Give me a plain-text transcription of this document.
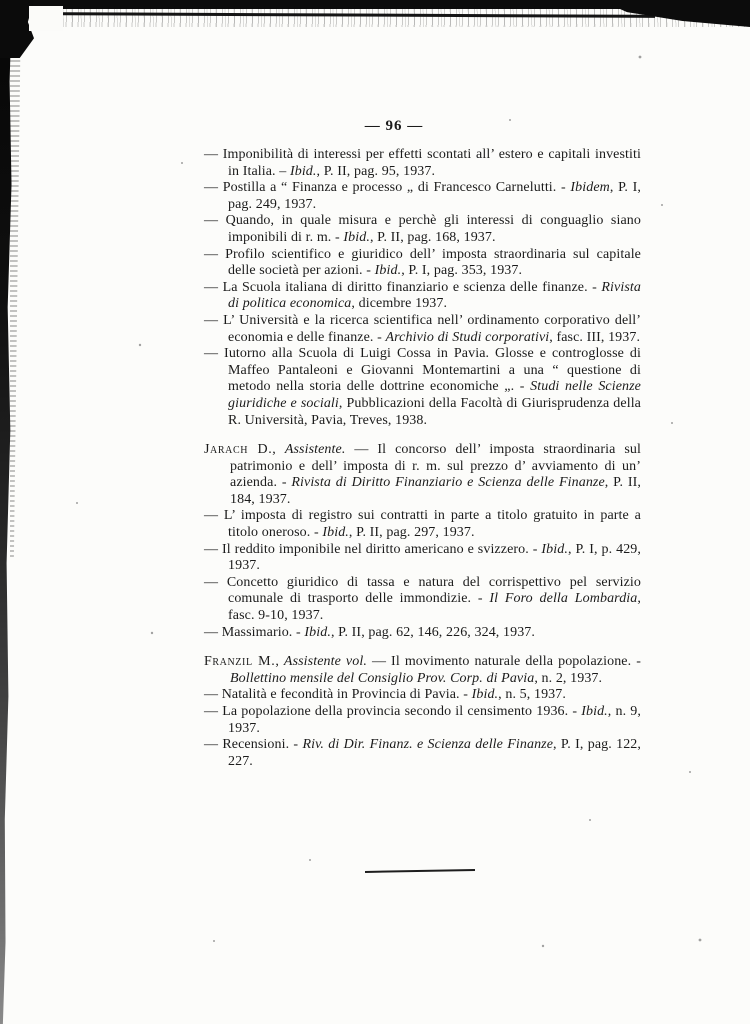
— 96 —

— Imponibilità di interessi per effetti scontati all’ estero e capitali investiti in Italia. – Ibid., P. II, pag. 95, 1937.

— Postilla a “ Finanza e processo „ di Francesco Carnelutti. - Ibidem, P. I, pag. 249, 1937.

— Quando, in quale misura e perchè gli interessi di conguaglio siano imponibili di r. m. - Ibid., P. II, pag. 168, 1937.

— Profilo scientifico e giuridico dell’ imposta straordinaria sul capitale delle società per azioni. - Ibid., P. I, pag. 353, 1937.

— La Scuola italiana di diritto finanziario e scienza delle finanze. - Rivista di politica economica, dicembre 1937.

— L’ Università e la ricerca scientifica nell’ ordinamento corporativo dell’ economia e delle finanze. - Archivio di Studi corporativi, fasc. III, 1937.

— Iutorno alla Scuola di Luigi Cossa in Pavia. Glosse e controglosse di Maffeo Pantaleoni e Giovanni Montemartini a una “ questione di metodo nella storia delle dottrine economiche „. - Studi nelle Scienze giuridiche e sociali, Pubblicazioni della Facoltà di Giurisprudenza della R. Università, Pavia, Treves, 1938.

Jarach D., Assistente. — Il concorso dell’ imposta straordinaria sul patrimonio e dell’ imposta di r. m. sul prezzo d’ avviamento di un’ azienda. - Rivista di Diritto Finanziario e Scienza delle Finanze, P. II, 184, 1937.

— L’ imposta di registro sui contratti in parte a titolo gratuito in parte a titolo oneroso. - Ibid., P. II, pag. 297, 1937.

— Il reddito imponibile nel diritto americano e svizzero. - Ibid., P. I, p. 429, 1937.

— Concetto giuridico di tassa e natura del corrispettivo pel servizio comunale di trasporto delle immondizie. - Il Foro della Lombardia, fasc. 9-10, 1937.

— Massimario. - Ibid., P. II, pag. 62, 146, 226, 324, 1937.

Franzil M., Assistente vol. — Il movimento naturale della popolazione. - Bollettino mensile del Consiglio Prov. Corp. di Pavia, n. 2, 1937.

— Natalità e fecondità in Provincia di Pavia. - Ibid., n. 5, 1937.

— La popolazione della provincia secondo il censimento 1936. - Ibid., n. 9, 1937.

— Recensioni. - Riv. di Dir. Finanz. e Scienza delle Finanze, P. I, pag. 122, 227.
